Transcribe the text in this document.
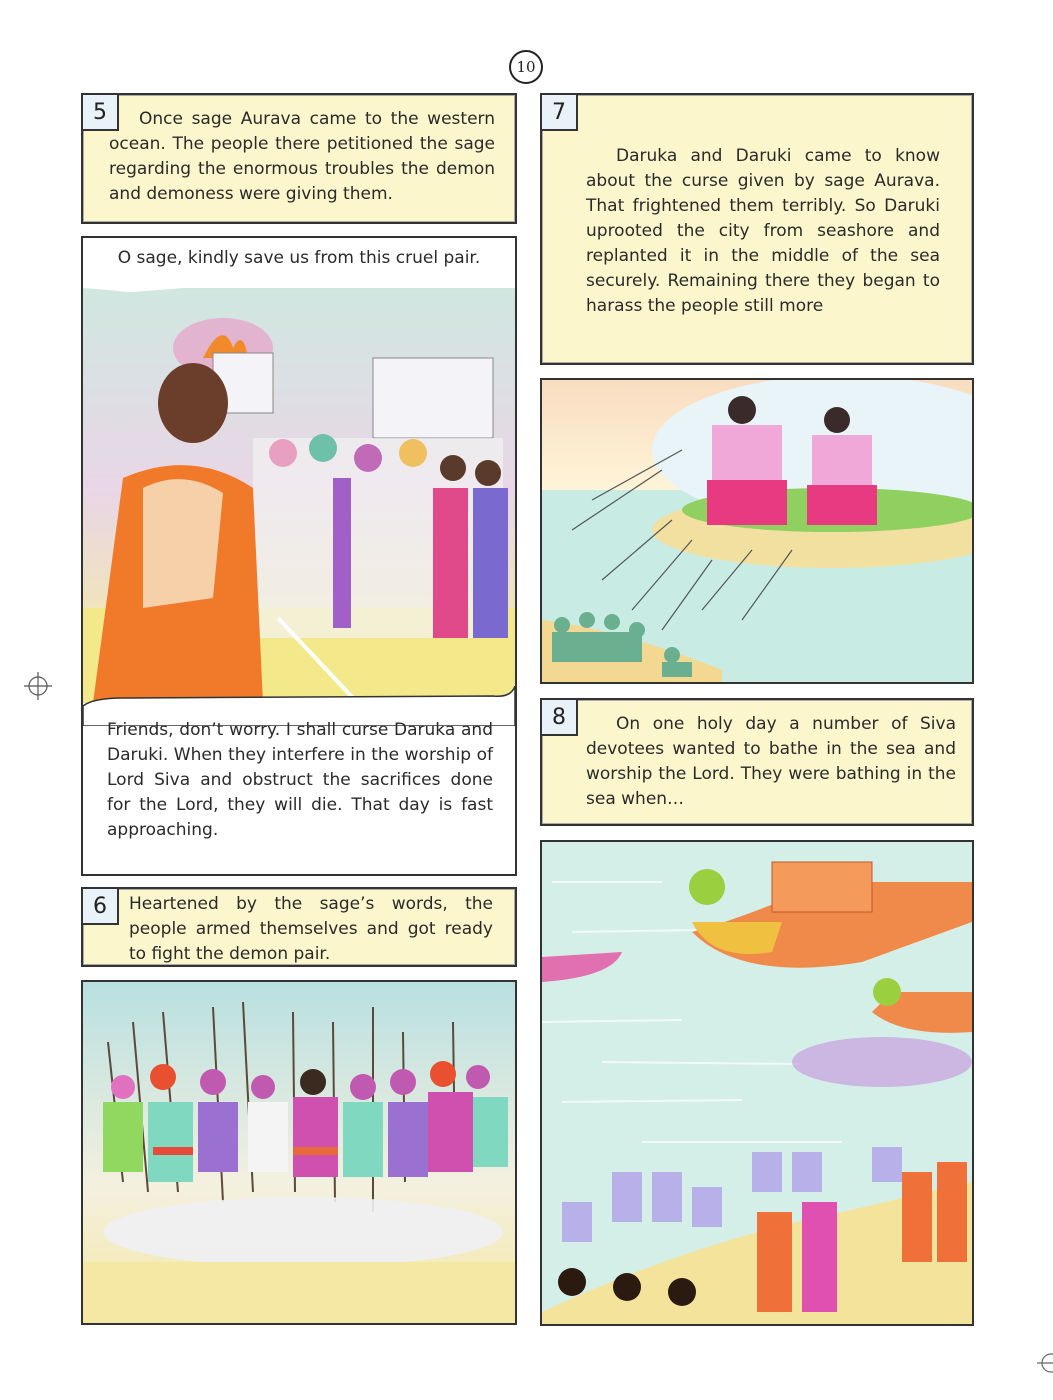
10
5	Once sage Aurava came to the western ocean. The people there petitioned the sage regarding the enormous troubles the demon and demoness were giving them.
O sage, kindly save us from this cruel pair.
Friends, don’t worry. I shall curse Daruka and Daruki. When they interfere in the worship of Lord Siva and obstruct the sacrifices done for the Lord, they will die. That day is fast approaching.
6 Heartened by the sage’s words, the people armed themselves and got ready to fight the demon pair.
7
Daruka and Daruki came to know about the curse given by sage Aurava. That frightened them terribly. So Daruki uprooted the city from seashore and replanted it in the middle of the sea securely. Remaining there they began to harass the people still more
8	On one holy day a number of Siva devotees wanted to bathe in the sea and worship the Lord. They were bathing in the sea when…
